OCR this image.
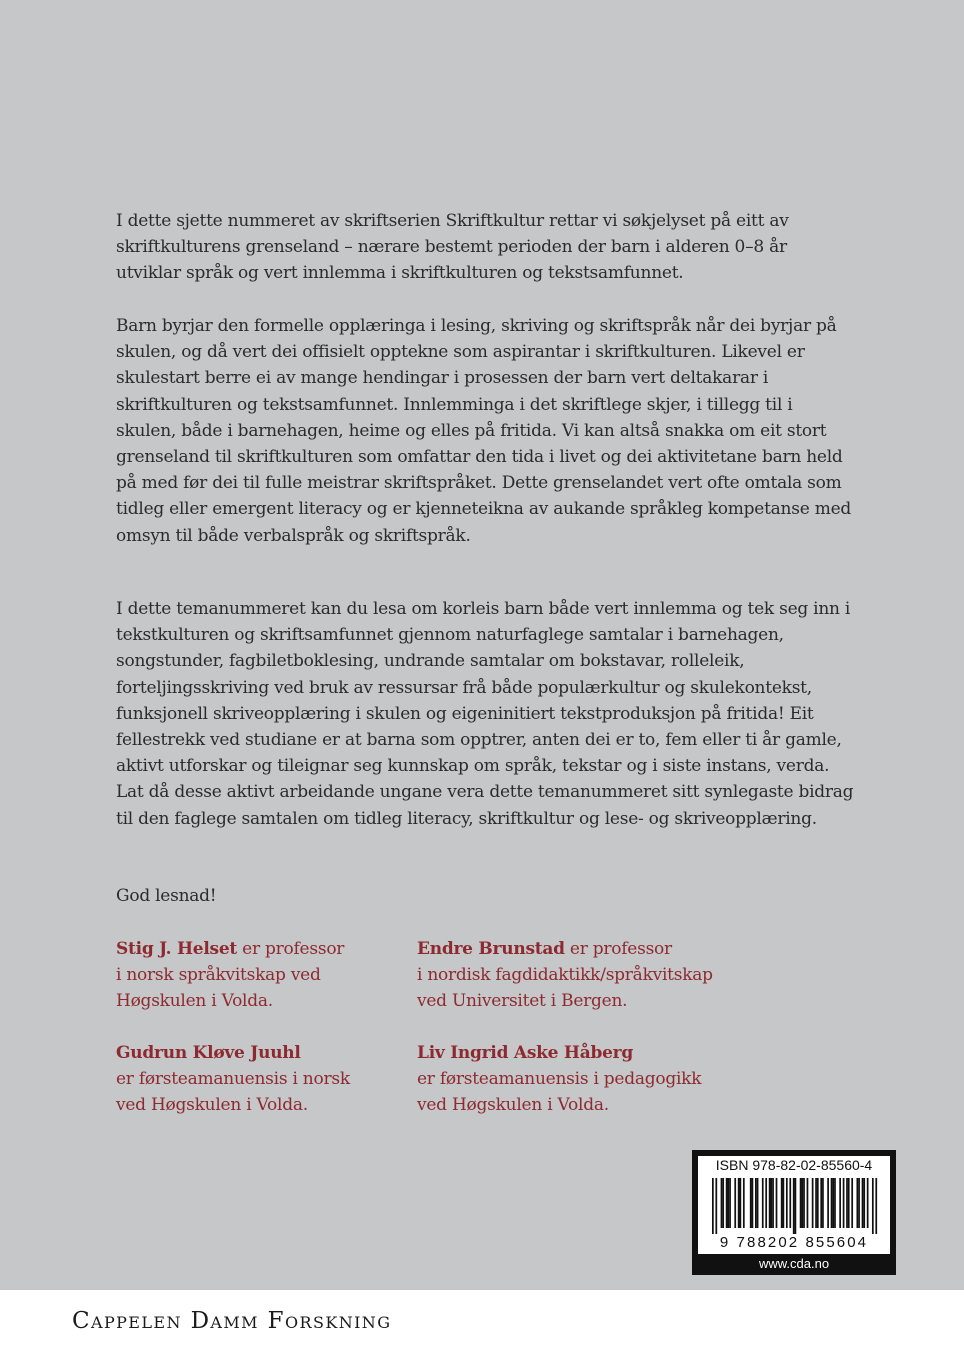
I dette sjette nummeret av skriftserien Skriftkultur rettar vi søkjelyset på eitt av skriftkulturens grenseland – nærare bestemt perioden der barn i alderen 0–8 år utviklar språk og vert innlemma i skriftkulturen og tekstsamfunnet.

Barn byrjar den formelle opplæringa i lesing, skriving og skriftspråk når dei byrjar på skulen, og då vert dei offisielt opptekne som aspirantar i skriftkulturen. Likevel er skulestart berre ei av mange hendingar i prosessen der barn vert deltakarar i skriftkulturen og tekstsamfunnet. Innlemminga i det skriftlege skjer, i tillegg til i skulen, både i barnehagen, heime og elles på fritida. Vi kan altså snakka om eit stort grenseland til skriftkulturen som omfattar den tida i livet og dei aktivitetane barn held på med før dei til fulle meistrar skriftspråket. Dette grenselandet vert ofte omtala som tidleg eller emergent literacy og er kjenneteikna av aukande språkleg kompetanse med omsyn til både verbalspråk og skriftspråk.

I dette temanummeret kan du lesa om korleis barn både vert innlemma og tek seg inn i tekstkulturen og skriftsamfunnet gjennom naturfaglege samtalar i barnehagen, songstunder, fagbiletboklesing, undrande samtalar om bokstavar, rolleleik, forteljingsskriving ved bruk av ressursar frå både populærkultur og skulekontekst, funksjonell skriveopplæring i skulen og eigeninitiert tekstproduksjon på fritida! Eit fellestrekk ved studiane er at barna som opptrer, anten dei er to, fem eller ti år gamle, aktivt utforskar og tileignar seg kunnskap om språk, tekstar og i siste instans, verda. Lat då desse aktivt arbeidande ungane vera dette temanummeret sitt synlegaste bidrag til den faglege samtalen om tidleg literacy, skriftkultur og lese- og skriveopplæring.

God lesnad!

Stig J. Helset er professor
i norsk språkvitskap ved
Høgskulen i Volda.
Endre Brunstad er professor
i nordisk fagdidaktikk/språkvitskap
ved Universitet i Bergen.
Gudrun Kløve Juuhl
er førsteamanuensis i norsk
ved Høgskulen i Volda.
Liv Ingrid Aske Håberg
er førsteamanuensis i pedagogikk
ved Høgskulen i Volda.
ISBN 978-82-02-85560-4
9 788202 855604
www.cda.no
Cappelen Damm Forskning
